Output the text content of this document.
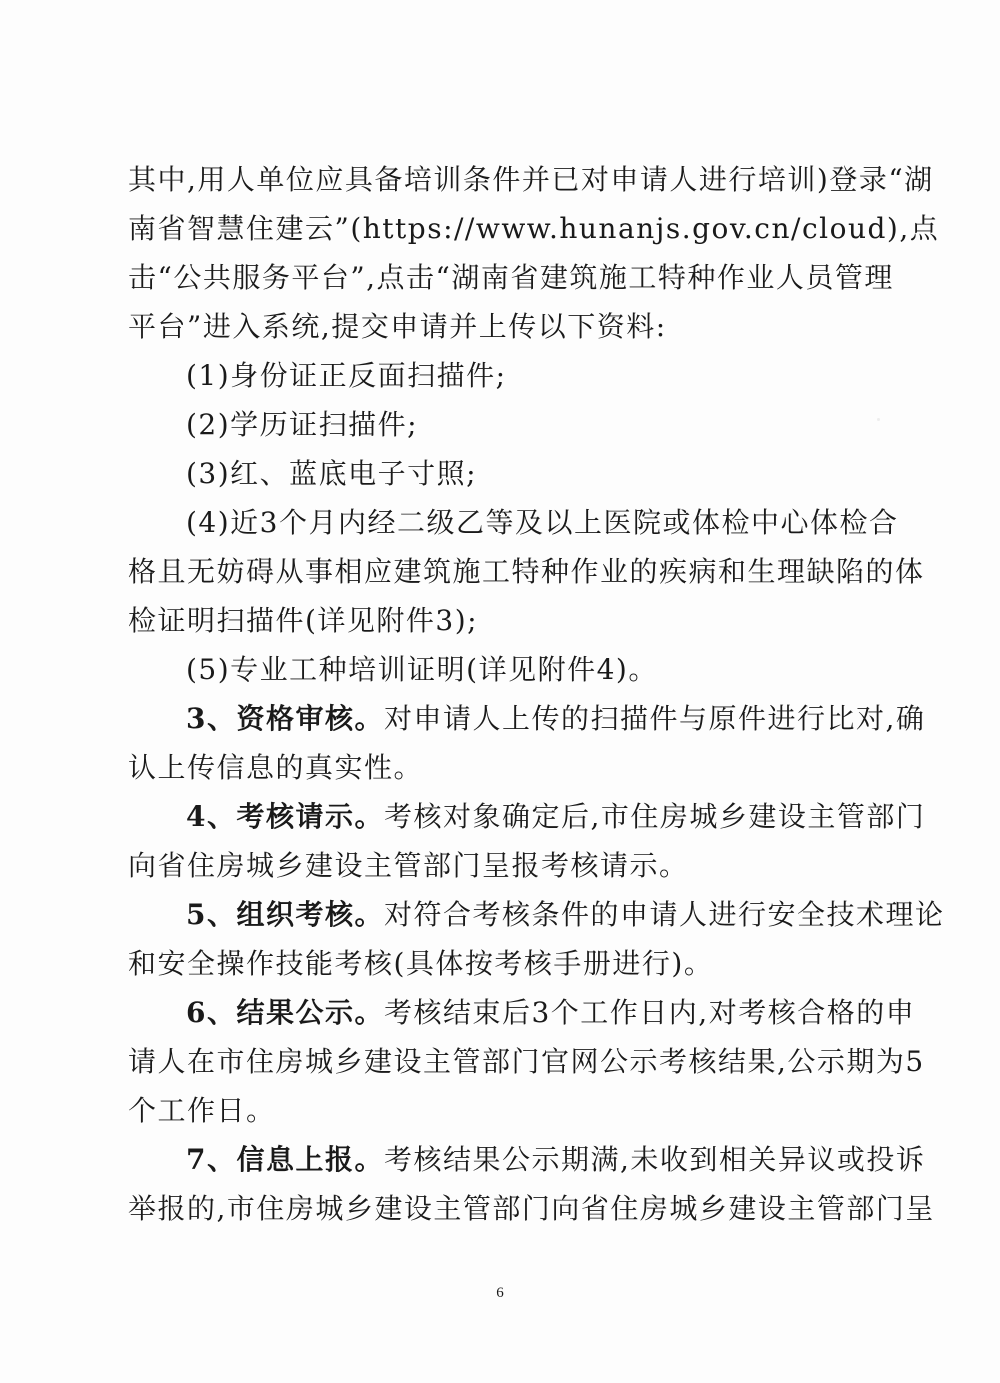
其中,用人单位应具备培训条件并已对申请人进行培训)登录“湖
南省智慧住建云”(https://www.hunanjs.gov.cn/cloud),点
击“公共服务平台”,点击“湖南省建筑施工特种作业人员管理
平台”进入系统,提交申请并上传以下资料:
(1)身份证正反面扫描件;
(2)学历证扫描件;
(3)红、蓝底电子寸照;
(4)近3个月内经二级乙等及以上医院或体检中心体检合
格且无妨碍从事相应建筑施工特种作业的疾病和生理缺陷的体
检证明扫描件(详见附件3);
(5)专业工种培训证明(详见附件4)。
3、资格审核。对申请人上传的扫描件与原件进行比对,确
认上传信息的真实性。
4、考核请示。考核对象确定后,市住房城乡建设主管部门
向省住房城乡建设主管部门呈报考核请示。
5、组织考核。对符合考核条件的申请人进行安全技术理论
和安全操作技能考核(具体按考核手册进行)。
6、结果公示。考核结束后3个工作日内,对考核合格的申
请人在市住房城乡建设主管部门官网公示考核结果,公示期为5
个工作日。
7、信息上报。考核结果公示期满,未收到相关异议或投诉
举报的,市住房城乡建设主管部门向省住房城乡建设主管部门呈
6
